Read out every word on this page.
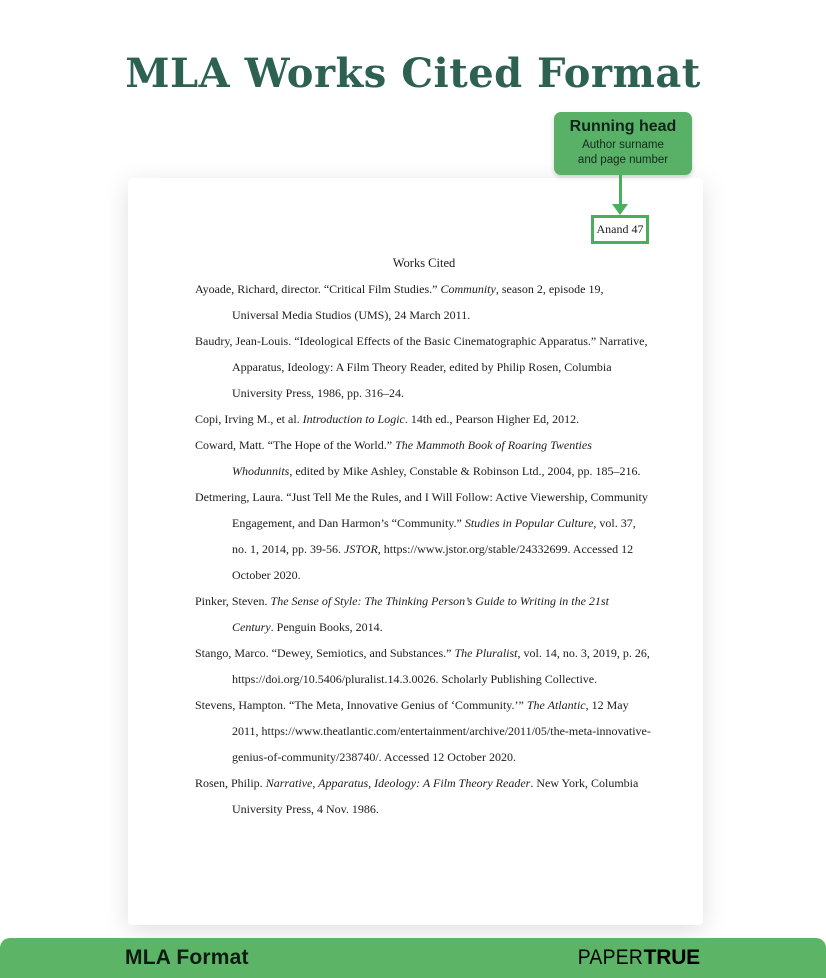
MLA Works Cited Format
Running head
Author surname
and page number
Anand 47
Works Cited

Ayoade, Richard, director. “Critical Film Studies.” Community, season 2, episode 19, Universal Media Studios (UMS), 24 March 2011.

Baudry, Jean-Louis. “Ideological Effects of the Basic Cinematographic Apparatus.” Narrative, Apparatus, Ideology: A Film Theory Reader, edited by Philip Rosen, Columbia University Press, 1986, pp. 316–24.

Copi, Irving M., et al. Introduction to Logic. 14th ed., Pearson Higher Ed, 2012.

Coward, Matt. “The Hope of the World.” The Mammoth Book of Roaring Twenties Whodunnits, edited by Mike Ashley, Constable & Robinson Ltd., 2004, pp. 185–216.

Detmering, Laura. “Just Tell Me the Rules, and I Will Follow: Active Viewership, Community Engagement, and Dan Harmon’s “Community.” Studies in Popular Culture, vol. 37, no. 1, 2014, pp. 39-56. JSTOR, https://www.jstor.org/stable/24332699. Accessed 12 October 2020.

Pinker, Steven. The Sense of Style: The Thinking Person’s Guide to Writing in the 21st Century. Penguin Books, 2014.

Stango, Marco. “Dewey, Semiotics, and Substances.” The Pluralist, vol. 14, no. 3, 2019, p. 26, https://doi.org/10.5406/pluralist.14.3.0026. Scholarly Publishing Collective.

Stevens, Hampton. “The Meta, Innovative Genius of ‘Community.’” The Atlantic, 12 May 2011, https://www.theatlantic.com/entertainment/archive/2011/05/the-meta-innovative-genius-of-community/238740/. Accessed 12 October 2020.

Rosen, Philip. Narrative, Apparatus, Ideology: A Film Theory Reader. New York, Columbia University Press, 4 Nov. 1986.

MLA Format	PAPER TRUE
